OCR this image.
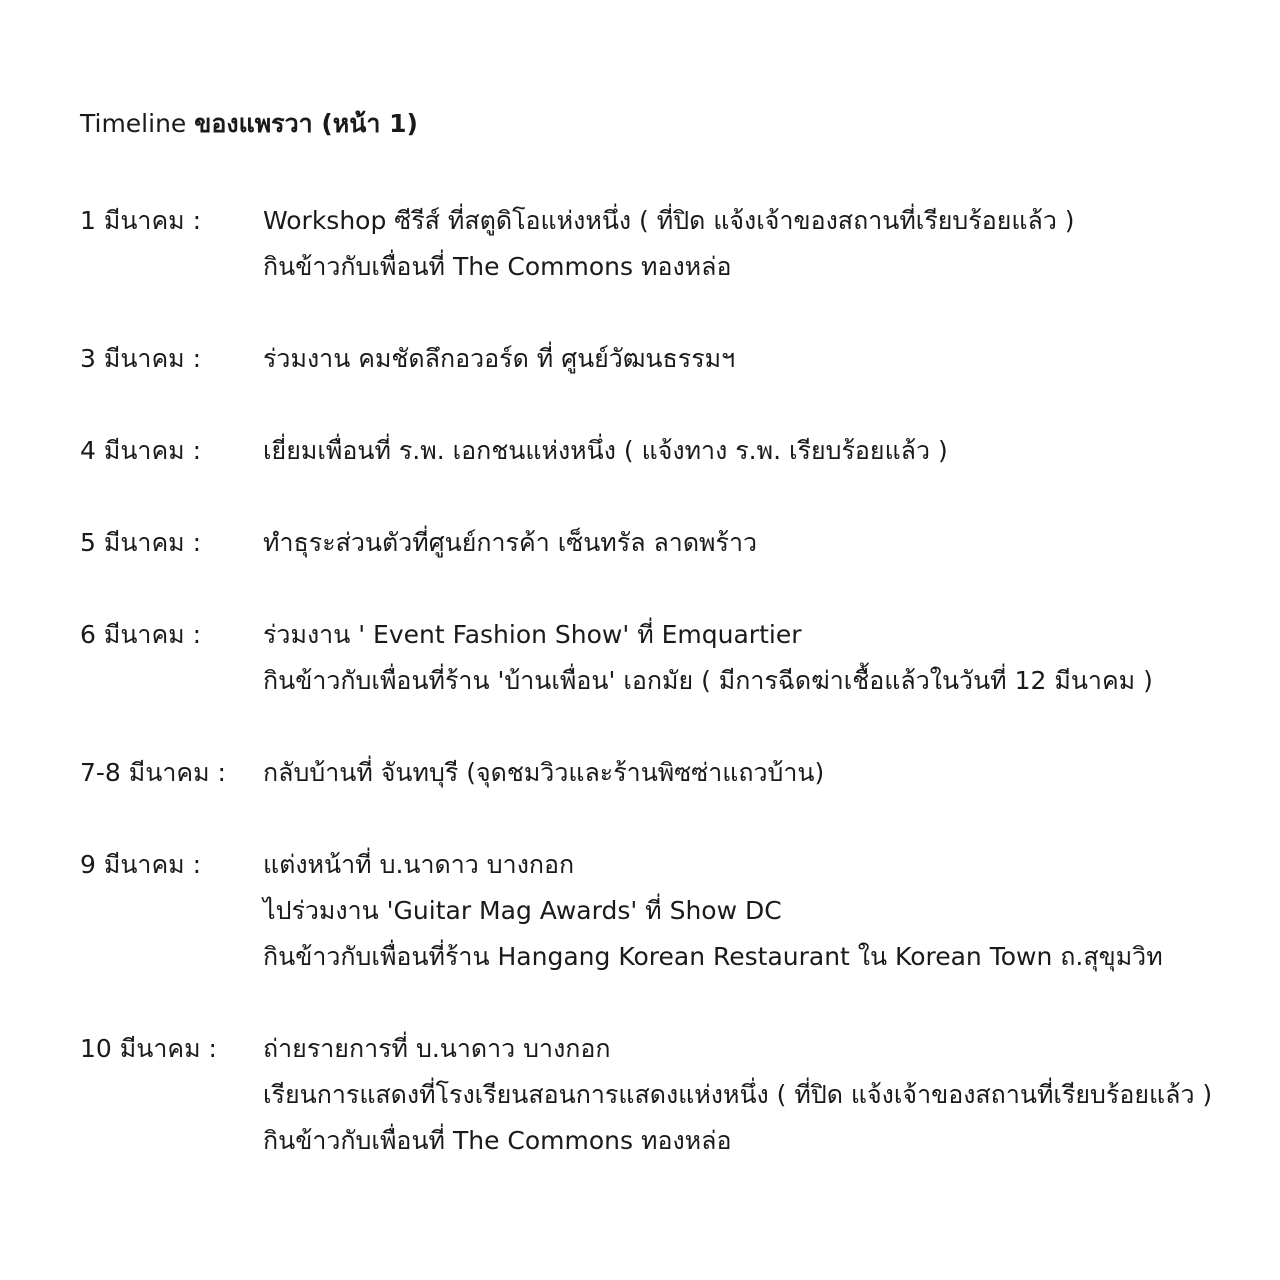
Timeline ของแพรวา (หน้า 1)
1 มีนาคม :	Workshop ซีรีส์ ที่สตูดิโอแห่งหนึ่ง ( ที่ปิด แจ้งเจ้าของสถานที่เรียบร้อยแล้ว )
กินข้าวกับเพื่อนที่ The Commons ทองหล่อ
3 มีนาคม :	ร่วมงาน คมชัดลึกอวอร์ด ที่ ศูนย์วัฒนธรรมฯ
4 มีนาคม :	เยี่ยมเพื่อนที่ ร.พ. เอกชนแห่งหนึ่ง ( แจ้งทาง ร.พ. เรียบร้อยแล้ว )
5 มีนาคม :	ทำธุระส่วนตัวที่ศูนย์การค้า เซ็นทรัล ลาดพร้าว
6 มีนาคม :	ร่วมงาน ' Event Fashion Show' ที่ Emquartier
กินข้าวกับเพื่อนที่ร้าน 'บ้านเพื่อน' เอกมัย ( มีการฉีดฆ่าเชื้อแล้วในวันที่ 12 มีนาคม )
7-8 มีนาคม :	กลับบ้านที่ จันทบุรี (จุดชมวิวและร้านพิซซ่าแถวบ้าน)
9 มีนาคม :	แต่งหน้าที่ บ.นาดาว บางกอก
ไปร่วมงาน 'Guitar Mag Awards' ที่ Show DC
กินข้าวกับเพื่อนที่ร้าน Hangang Korean Restaurant ใน Korean Town ถ.สุขุมวิท
10 มีนาคม :	ถ่ายรายการที่ บ.นาดาว บางกอก
เรียนการแสดงที่โรงเรียนสอนการแสดงแห่งหนึ่ง ( ที่ปิด แจ้งเจ้าของสถานที่เรียบร้อยแล้ว )
กินข้าวกับเพื่อนที่ The Commons ทองหล่อ
